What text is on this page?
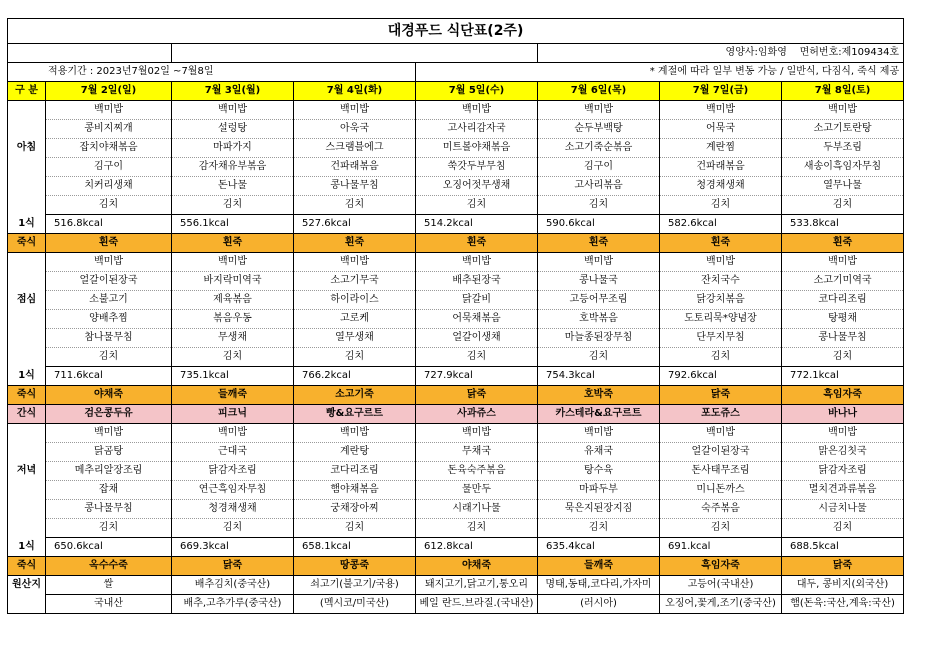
대경푸드 식단표(2주)							
					영양사:임화영 면허번호:제109434호		
적용기간 : 2023년7월02일 ~7월8일				* 계절에 따라 일부 변동 가능 / 일반식, 다짐식, 죽식 제공			
구 분	7월 2일(일)	7월 3일(월)	7월 4일(화)	7월 5일(수)	7월 6일(목)	7월 7일(금)	7월 8일(토)
	백미밥	백미밥	백미밥	백미밥	백미밥	백미밥	백미밥
	콩비지찌개	설렁탕	아욱국	고사리감자국	순두부백탕	어묵국	소고기토란탕
아침	잡치야채볶음	마파가지	스크램블에그	미트볼야채볶음	소고기죽순볶음	계란찜	두부조림
	김구이	감자채유부볶음	건파래볶음	쑥갓두부무침	김구이	건파래볶음	새송이흑임자무침
	치커리생채	돈나물	콩나물무침	오징어젓무생채	고사리볶음	청경채생채	열무나물
	김치	김치	김치	김치	김치	김치	김치
1식	516.8kcal	556.1kcal	527.6kcal	514.2kcal	590.6kcal	582.6kcal	533.8kcal
죽식	흰죽	흰죽	흰죽	흰죽	흰죽	흰죽	흰죽
	백미밥	백미밥	백미밥	백미밥	백미밥	백미밥	백미밥
	얼갈이된장국	바지락미역국	소고기무국	배추된장국	콩나물국	잔치국수	소고기미역국
점심	소불고기	제육볶음	하이라이스	닭갈비	고등어무조림	닭강치볶음	코다리조림
	양배추찜	볶음우동	고로케	어묵채볶음	호박볶음	도토리묵*양념장	탕평채
	참나물무침	무생채	열무생채	얼갈이생채	마늘종된장무침	단무지무침	콩나물무침
	김치	김치	김치	김치	김치	김치	김치
1식	711.6kcal	735.1kcal	766.2kcal	727.9kcal	754.3kcal	792.6kcal	772.1kcal
죽식	야채죽	들깨죽	소고기죽	닭죽	호박죽	닭죽	흑임자죽
간식	검은콩두유	피크닉	빵&요구르트	사과쥬스	카스테라&요구르트	포도쥬스	바나나
	백미밥	백미밥	백미밥	백미밥	백미밥	백미밥	백미밥
	닭곰탕	근대국	계란탕	무채국	유채국	얼갈이된장국	맑은김칫국
저녁	메추리알장조림	닭감자조림	코다리조림	돈육숙주볶음	탕수육	돈사태무조림	닭감자조림
	잡채	연근흑임자무침	햄야채볶음	물만두	마파두부	미니돈까스	멸치견과류볶음
	콩나물무침	청경채생채	궁채장아찌	시래기나물	묵은지된장지짐	숙주볶음	시금치나물
	김치	김치	김치	김치	김치	김치	김치
1식	650.6kcal	669.3kcal	658.1kcal	612.8kcal	635.4kcal	691.kcal	688.5kcal
죽식	옥수수죽	닭죽	땅콩죽	야채죽	들깨죽	흑임자죽	닭죽
원산지	쌀	배추김치(중국산)	쇠고기(불고기/국용)	돼지고기,닭고기,통오리	명태,동태,코다리,가자미	고등어(국내산)	대두, 콩비지(외국산)
	국내산	배추,고추가루(중국산)	(멕시코/미국산)	베일 란드.브라질.(국내산)	(러시아)	오징어,꽃게,조기(중국산)	햄(돈육:국산,계육:국산)
